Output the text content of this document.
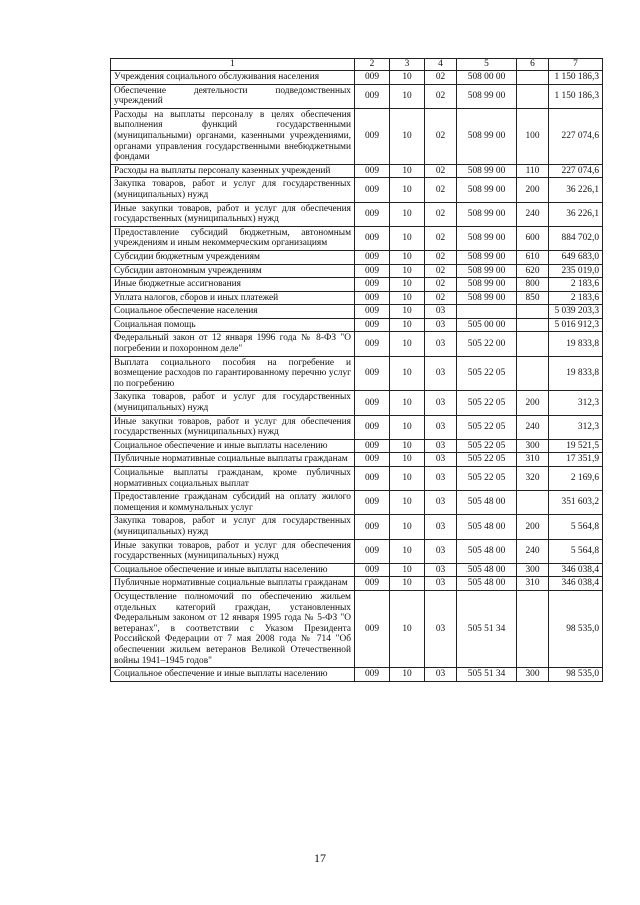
1	2	3	4	5	6	7
Учреждения социального обслуживания населения	009	10	02	508 00 00		1 150 186,3
Обеспечение деятельности подведомственных учреждений	009	10	02	508 99 00		1 150 186,3
Расходы на выплаты персоналу в целях обеспечения выполнения функций государственными (муниципальными) органами, казенными учреждениями, органами управления государственными внебюджетными фондами	009	10	02	508 99 00	100	227 074,6
Расходы на выплаты персоналу казенных учреждений	009	10	02	508 99 00	110	227 074,6
Закупка товаров, работ и услуг для государственных (муниципальных) нужд	009	10	02	508 99 00	200	36 226,1
Иные закупки товаров, работ и услуг для обеспечения государственных (муниципальных) нужд	009	10	02	508 99 00	240	36 226,1
Предоставление субсидий бюджетным, автономным учреждениям и иным некоммерческим организациям	009	10	02	508 99 00	600	884 702,0
Субсидии бюджетным учреждениям	009	10	02	508 99 00	610	649 683,0
Субсидии автономным учреждениям	009	10	02	508 99 00	620	235 019,0
Иные бюджетные ассигнования	009	10	02	508 99 00	800	2 183,6
Уплата налогов, сборов и иных платежей	009	10	02	508 99 00	850	2 183,6
Социальное обеспечение населения	009	10	03			5 039 203,3
Социальная помощь	009	10	03	505 00 00		5 016 912,3
Федеральный закон от 12 января 1996 года № 8-ФЗ "О погребении и похоронном деле"	009	10	03	505 22 00		19 833,8
Выплата социального пособия на погребение и возмещение расходов по гарантированному перечню услуг по погребению	009	10	03	505 22 05		19 833,8
Закупка товаров, работ и услуг для государственных (муниципальных) нужд	009	10	03	505 22 05	200	312,3
Иные закупки товаров, работ и услуг для обеспечения государственных (муниципальных) нужд	009	10	03	505 22 05	240	312,3
Социальное обеспечение и иные выплаты населению	009	10	03	505 22 05	300	19 521,5
Публичные нормативные социальные выплаты гражданам	009	10	03	505 22 05	310	17 351,9
Социальные выплаты гражданам, кроме публичных нормативных социальных выплат	009	10	03	505 22 05	320	2 169,6
Предоставление гражданам субсидий на оплату жилого помещения и коммунальных услуг	009	10	03	505 48 00		351 603,2
Закупка товаров, работ и услуг для государственных (муниципальных) нужд	009	10	03	505 48 00	200	5 564,8
Иные закупки товаров, работ и услуг для обеспечения государственных (муниципальных) нужд	009	10	03	505 48 00	240	5 564,8
Социальное обеспечение и иные выплаты населению	009	10	03	505 48 00	300	346 038,4
Публичные нормативные социальные выплаты гражданам	009	10	03	505 48 00	310	346 038,4
Осуществление полномочий по обеспечению жильем отдельных категорий граждан, установленных Федеральным законом от 12 января 1995 года № 5-ФЗ "О ветеранах", в соответствии с Указом Президента Российской Федерации от 7 мая 2008 года № 714 "Об обеспечении жильем ветеранов Великой Отечественной войны 1941–1945 годов"	009	10	03	505 51 34		98 535,0
Социальное обеспечение и иные выплаты населению	009	10	03	505 51 34	300	98 535,0
17
